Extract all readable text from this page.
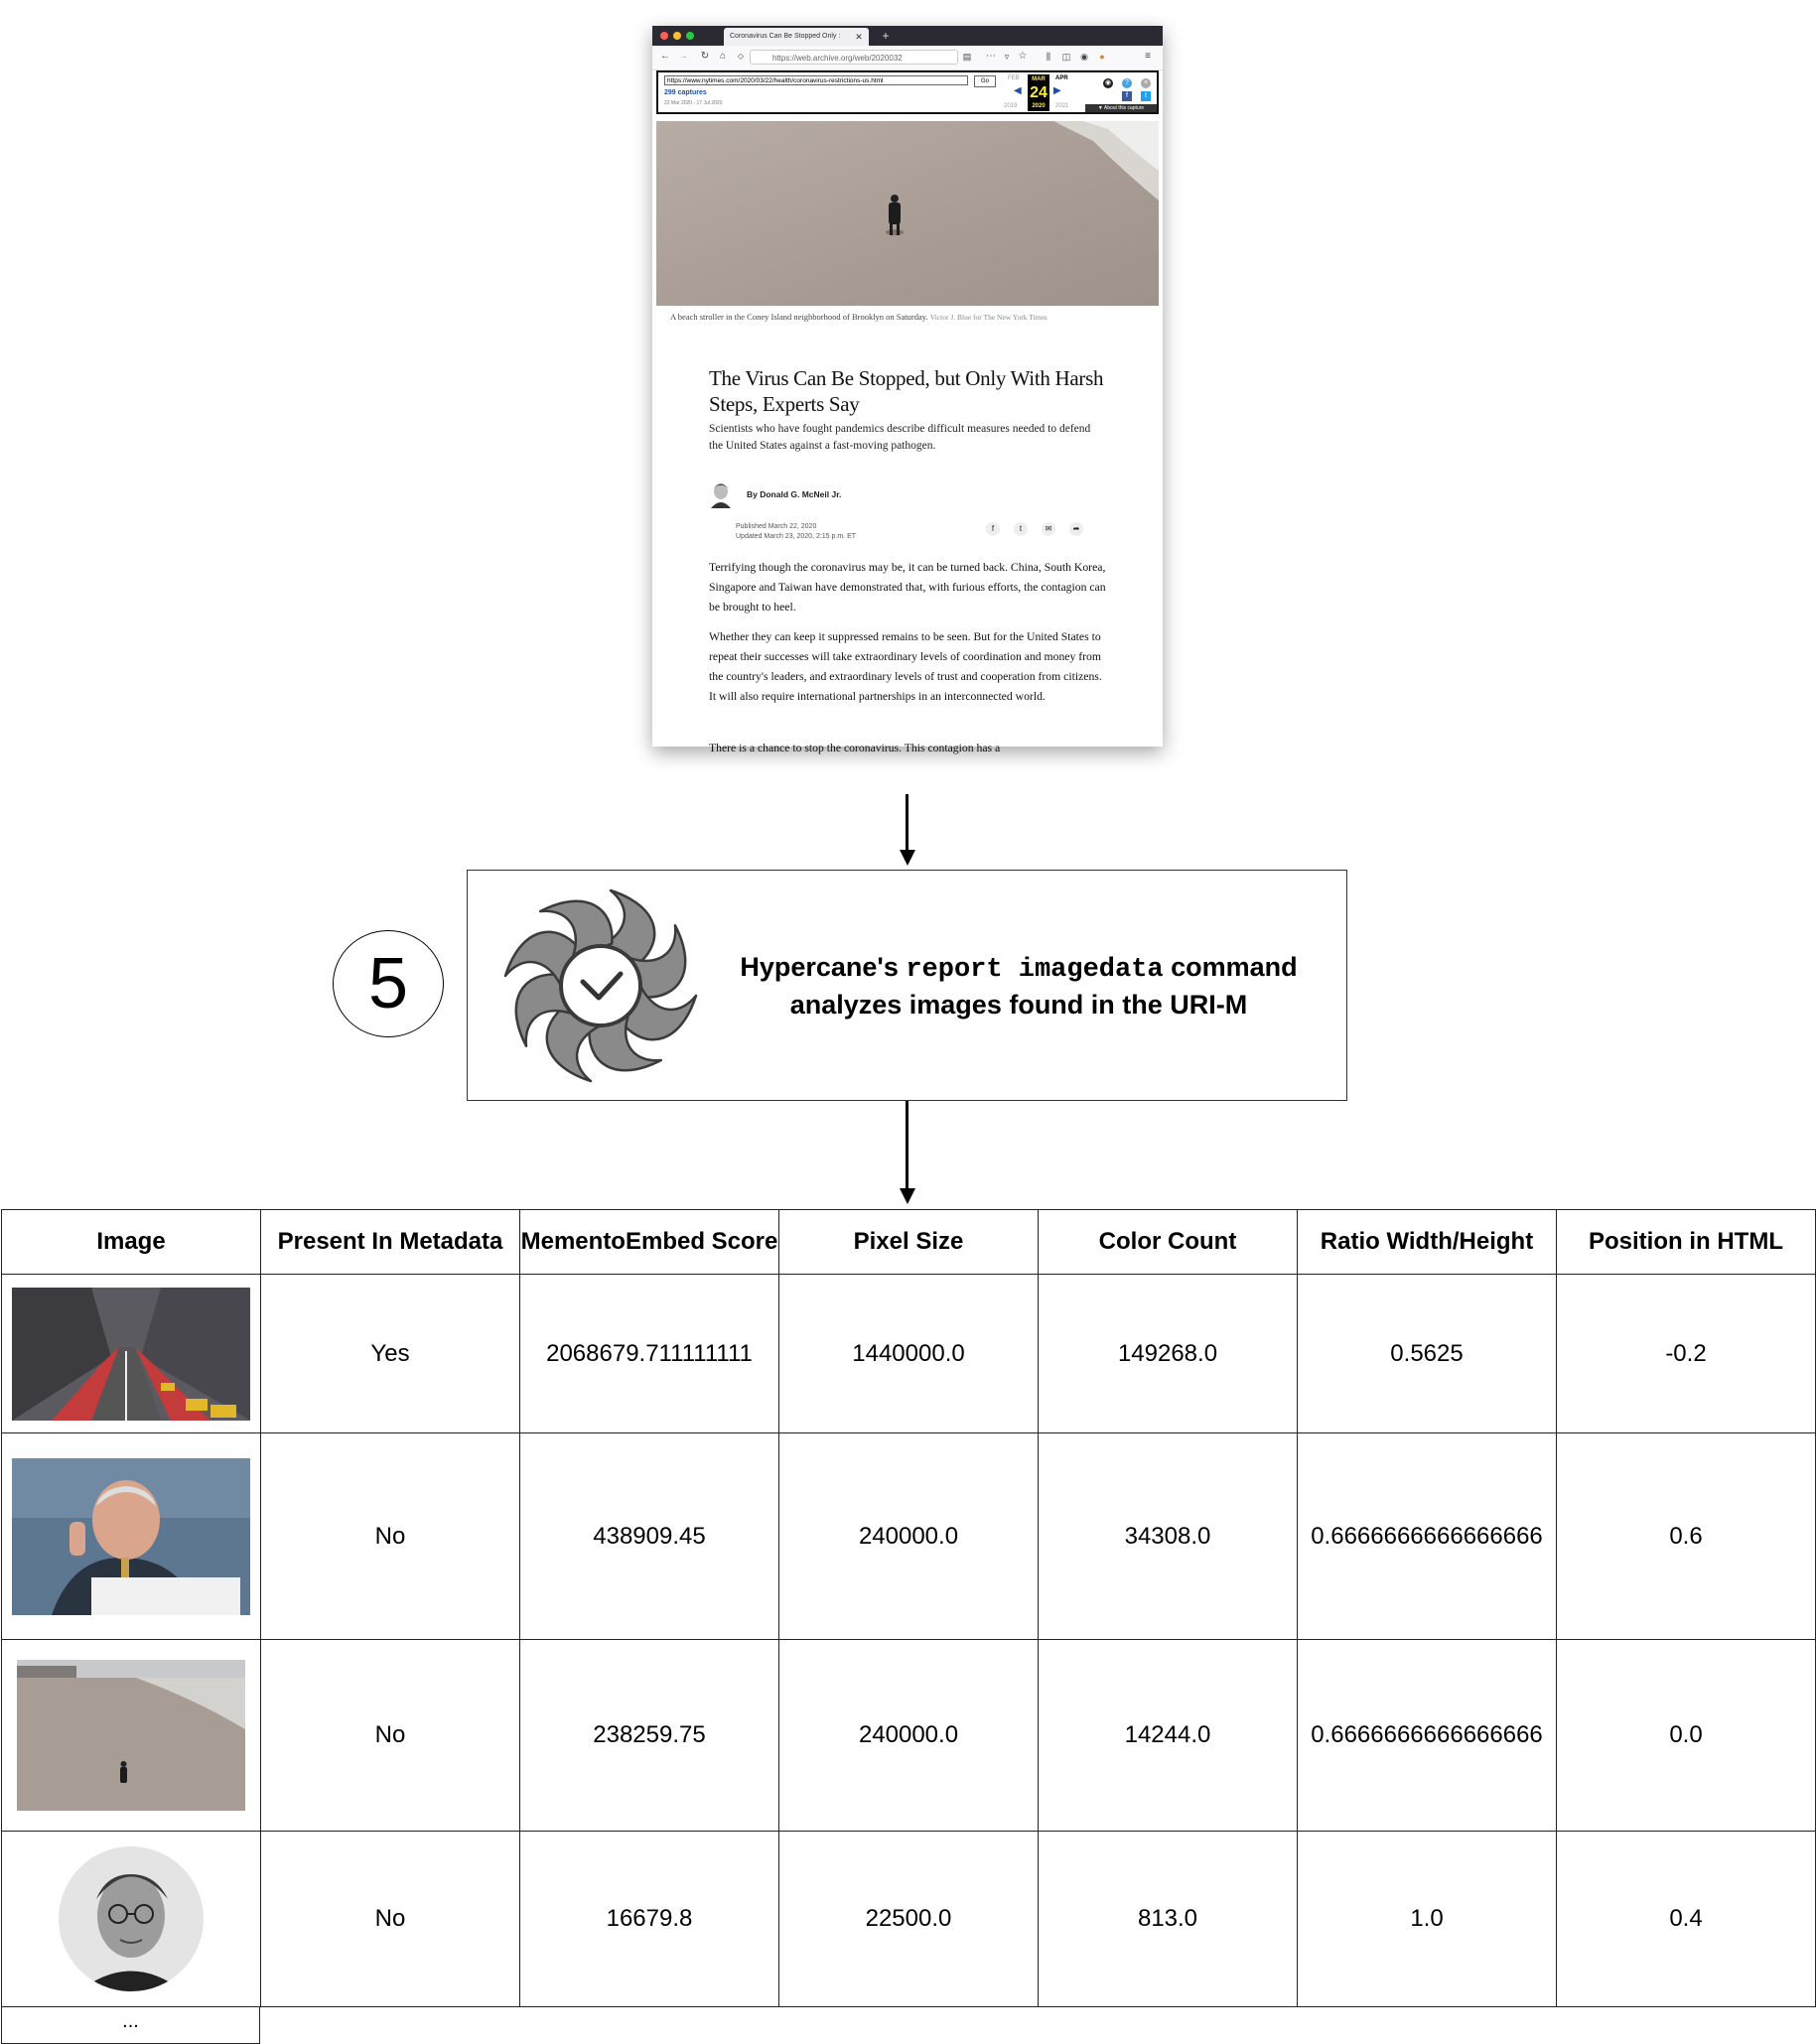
Coronavirus Can Be Stopped Only :	✕ +
← → ↻	⌂	◇	https://web.archive.org/web/2020032	▤ ⋯ ▿ ☆	⫼	◫	◉	●	≡
https://www.nytimes.com/2020/03/22/health/coronavirus-restrictions-us.html	Go
299 captures
22 Mar 2020 - 17 Jul 2020
FEB	MAR
24
2020
APR
2019	2021
◀	▶
◉	?	×
f	t
▼ About this capture
A beach stroller in the Coney Island neighborhood of Brooklyn on Saturday. Victor J. Blue for The New York Times
The Virus Can Be Stopped, but Only With Harsh Steps, Experts Say
Scientists who have fought pandemics describe difficult measures needed to defend the United States against a fast-moving pathogen.
By Donald G. McNeil Jr.
Published March 22, 2020
Updated March 23, 2020, 2:15 p.m. ET
f	t	✉	➦
Terrifying though the coronavirus may be, it can be turned back. China, South Korea, Singapore and Taiwan have demonstrated that, with furious efforts, the contagion can be brought to heel.
Whether they can keep it suppressed remains to be seen. But for the United States to repeat their successes will take extraordinary levels of coordination and money from the country's leaders, and extraordinary levels of trust and cooperation from citizens. It will also require international partnerships in an interconnected world.
There is a chance to stop the coronavirus. This contagion has a
5	Hypercane's report imagedata command analyzes images found in the URI-M
Image	Present In Metadata	MementoEmbed Score	Pixel Size	Color Count	Ratio Width/Height	Position in HTML

	Yes	2068679.711111111	1440000.0	149268.0	0.5625	-0.2

	No	438909.45	240000.0	34308.0	0.6666666666666666	0.6

	No	238259.75	240000.0	14244.0	0.6666666666666666	0.0

	No	16679.8	22500.0	813.0	1.0	0.4
...
